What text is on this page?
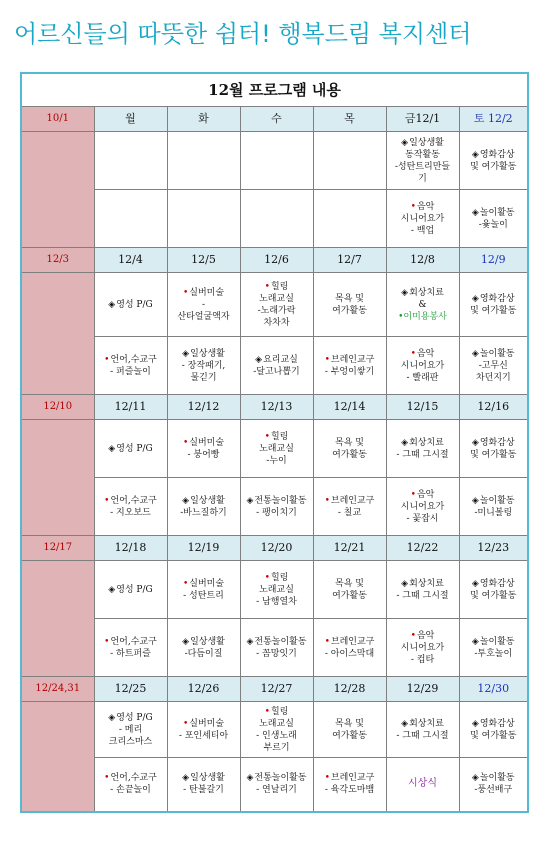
어르신들의 따뜻한 쉼터! 행복드림 복지센터
12월 프로그램 내용						
10/1	월	화	수	목	금12/1	토 12/2
					◈일상생활
동작활동
-성탄트리만들
기	◈영화감상
및 여가활동
					•음악
시니어요가
- 백업	◈놀이활동
-윷놀이
12/3	12/4	12/5	12/6	12/7	12/8	12/9
	◈영성 P/G	•실버미술
-
산타얼굴액자	•힐링
노래교실
-노래가락
차차차	목욕 및
여가활동	◈회상치료
&
•이미용봉사	◈영화감상
및 여가활동
	•언어,수교구
- 퍼즐놀이	◈일상생활
- 장작패기,
물긷기	◈요리교실
-달고나뽑기	•브레인교구
- 부엉이쌓기	•음악
시니어요가
- 빨래판	◈놀이활동
-고무신
차던지기
12/10	12/11	12/12	12/13	12/14	12/15	12/16
	◈영성 P/G	•실버미술
- 붕어빵	•힐링
노래교실
-누이	목욕 및
여가활동	◈회상치료
- 그때 그시절	◈영화감상
및 여가활동
	•언어,수교구
- 지오보드	◈일상생활
-바느질하기	◈전통놀이활동
- 팽이치기	•브레인교구
- 칠교	•음악
시니어요가
- 꽃잡시	◈놀이활동
-미니볼링
12/17	12/18	12/19	12/20	12/21	12/22	12/23
	◈영성 P/G	•실버미술
- 성탄트리	•힐링
노래교실
- 남행열차	목욕 및
여가활동	◈회상치료
- 그때 그시절	◈영화감상
및 여가활동
	•언어,수교구
- 하트퍼즐	◈일상생활
-다듬이질	◈전통놀이활동
- 꼼망잇기	•브레인교구
- 아이스막대	•음악
시니어요가
- 컵타	◈놀이활동
-투호놀이
12/24,31	12/25	12/26	12/27	12/28	12/29	12/30
	◈영성 P/G
- 메리
크리스마스	•실버미술
- 포인세티아	•힐링
노래교실
- 인생노래
부르기	목욕 및
여가활동	◈회상치료
- 그때 그시절	◈영화감상
및 여가활동
	•언어,수교구
- 손끝놀이	◈일상생활
- 탄불갈기	◈전통놀이활동
- 연날리기	•브레인교구
- 육각도마뱀	시상식	◈놀이활동
-풍선배구
